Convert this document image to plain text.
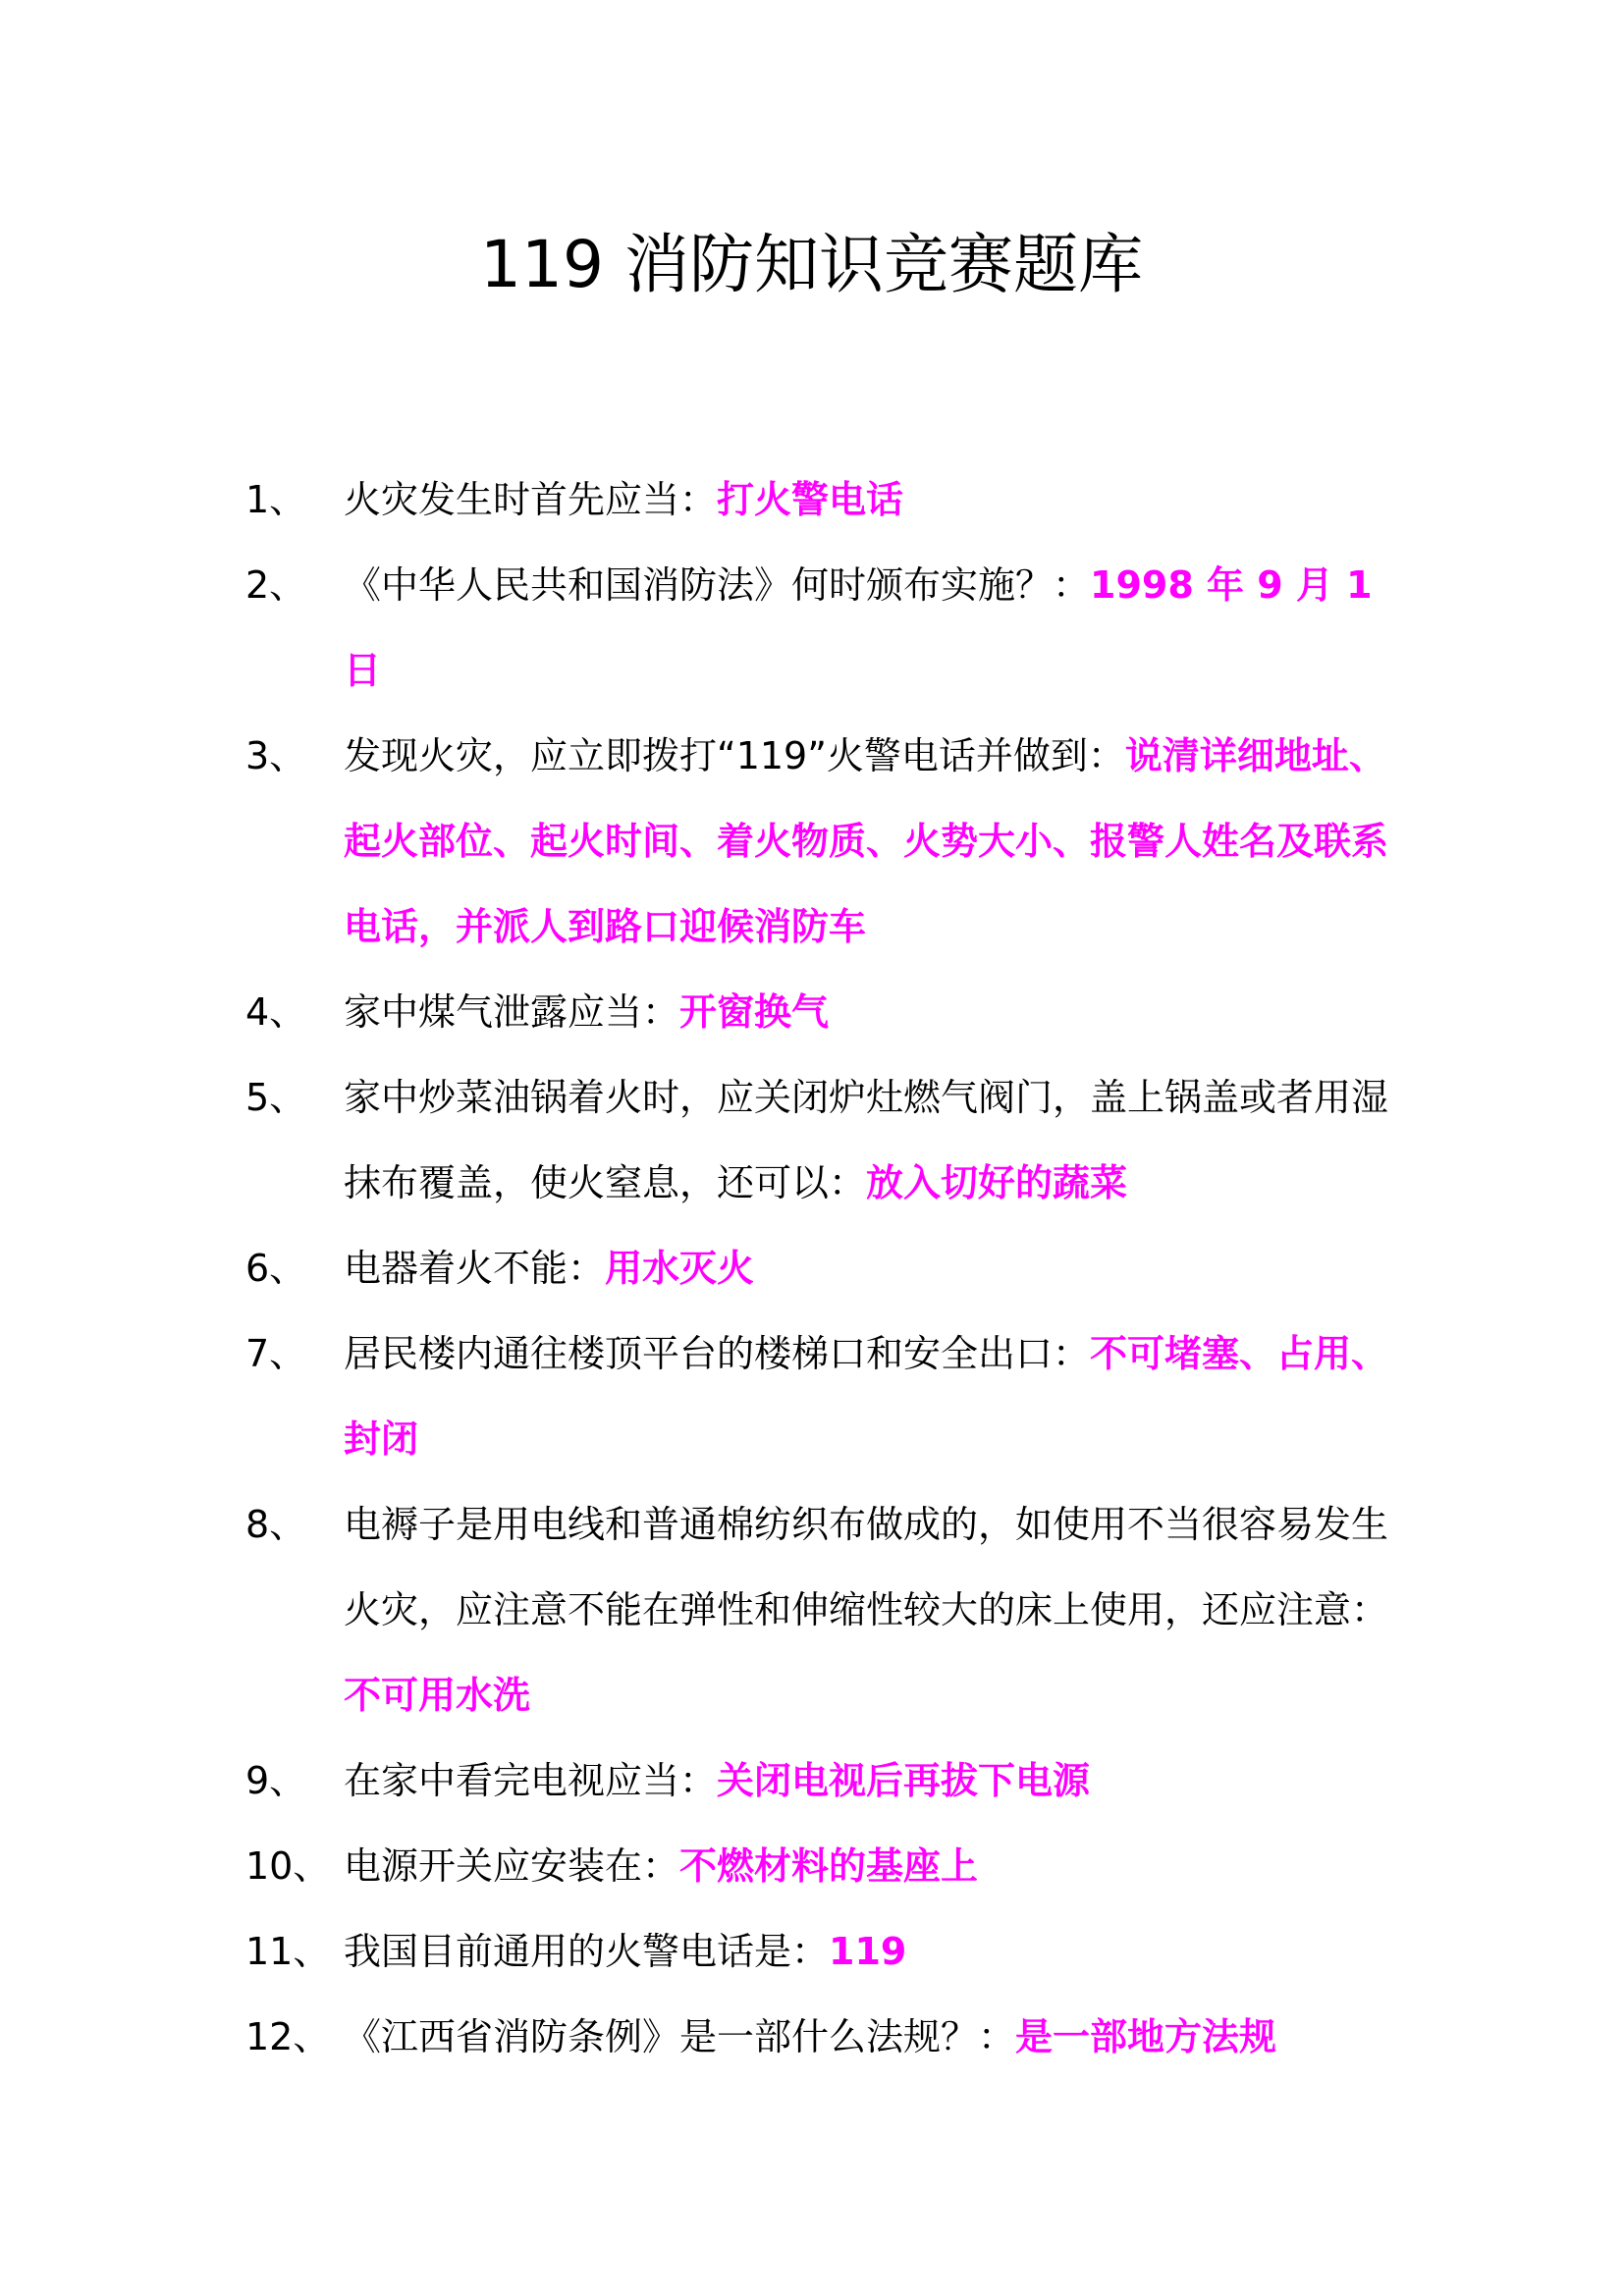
119 消防知识竞赛题库
1、 火灾发生时首先应当：打火警电话
2、 《中华人民共和国消防法》何时颁布实施？：1998 年 9 月 1 日
3、 发现火灾，应立即拨打“119”火警电话并做到：说清详细地址、起火部位、起火时间、着火物质、火势大小、报警人姓名及联系电话，并派人到路口迎候消防车
4、 家中煤气泄露应当：开窗换气
5、 家中炒菜油锅着火时，应关闭炉灶燃气阀门，盖上锅盖或者用湿抹布覆盖，使火窒息，还可以：放入切好的蔬菜
6、 电器着火不能：用水灭火
7、 居民楼内通往楼顶平台的楼梯口和安全出口：不可堵塞、占用、封闭
8、 电褥子是用电线和普通棉纺织布做成的，如使用不当很容易发生火灾，应注意不能在弹性和伸缩性较大的床上使用，还应注意：不可用水洗
9、 在家中看完电视应当：关闭电视后再拔下电源
10、 电源开关应安装在：不燃材料的基座上
11、 我国目前通用的火警电话是：119
12、 《江西省消防条例》是一部什么法规？：是一部地方法规
